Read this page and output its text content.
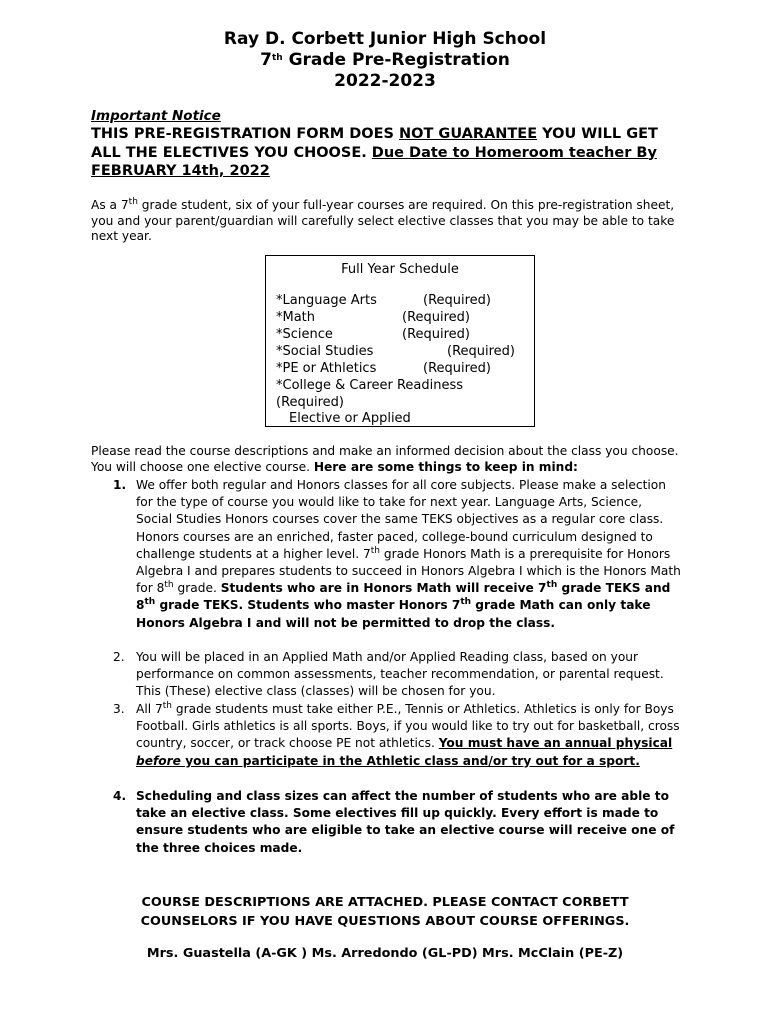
Ray D. Corbett Junior High School
7th Grade Pre-Registration
2022-2023
Important Notice
THIS PRE-REGISTRATION FORM DOES NOT GUARANTEE YOU WILL GET ALL THE ELECTIVES YOU CHOOSE. Due Date to Homeroom teacher By FEBRUARY 14th, 2022
As a 7th grade student, six of your full-year courses are required. On this pre-registration sheet, you and your parent/guardian will carefully select elective classes that you may be able to take next year.
Full Year Schedule
*Language Arts	(Required)
*Math	(Required)
*Science	(Required)
*Social Studies	(Required)
*PE or Athletics	(Required)
*College & Career Readiness
(Required)
Elective or Applied
Please read the course descriptions and make an informed decision about the class you choose. You will choose one elective course. Here are some things to keep in mind:
1. We offer both regular and Honors classes for all core subjects. Please make a selection for the type of course you would like to take for next year. Language Arts, Science, Social Studies Honors courses cover the same TEKS objectives as a regular core class. Honors courses are an enriched, faster paced, college-bound curriculum designed to challenge students at a higher level. 7th grade Honors Math is a prerequisite for Honors Algebra I and prepares students to succeed in Honors Algebra I which is the Honors Math for 8th grade. Students who are in Honors Math will receive 7th grade TEKS and 8th grade TEKS. Students who master Honors 7th grade Math can only take Honors Algebra I and will not be permitted to drop the class.
2. You will be placed in an Applied Math and/or Applied Reading class, based on your performance on common assessments, teacher recommendation, or parental request. This (These) elective class (classes) will be chosen for you.
3. All 7th grade students must take either P.E., Tennis or Athletics. Athletics is only for Boys Football. Girls athletics is all sports. Boys, if you would like to try out for basketball, cross country, soccer, or track choose PE not athletics. You must have an annual physical before you can participate in the Athletic class and/or try out for a sport.
4. Scheduling and class sizes can affect the number of students who are able to take an elective class. Some electives fill up quickly. Every effort is made to ensure students who are eligible to take an elective course will receive one of the three choices made.
COURSE DESCRIPTIONS ARE ATTACHED. PLEASE CONTACT CORBETT
COUNSELORS IF YOU HAVE QUESTIONS ABOUT COURSE OFFERINGS.
Mrs. Guastella (A-GK ) Ms. Arredondo (GL-PD) Mrs. McClain (PE-Z)
